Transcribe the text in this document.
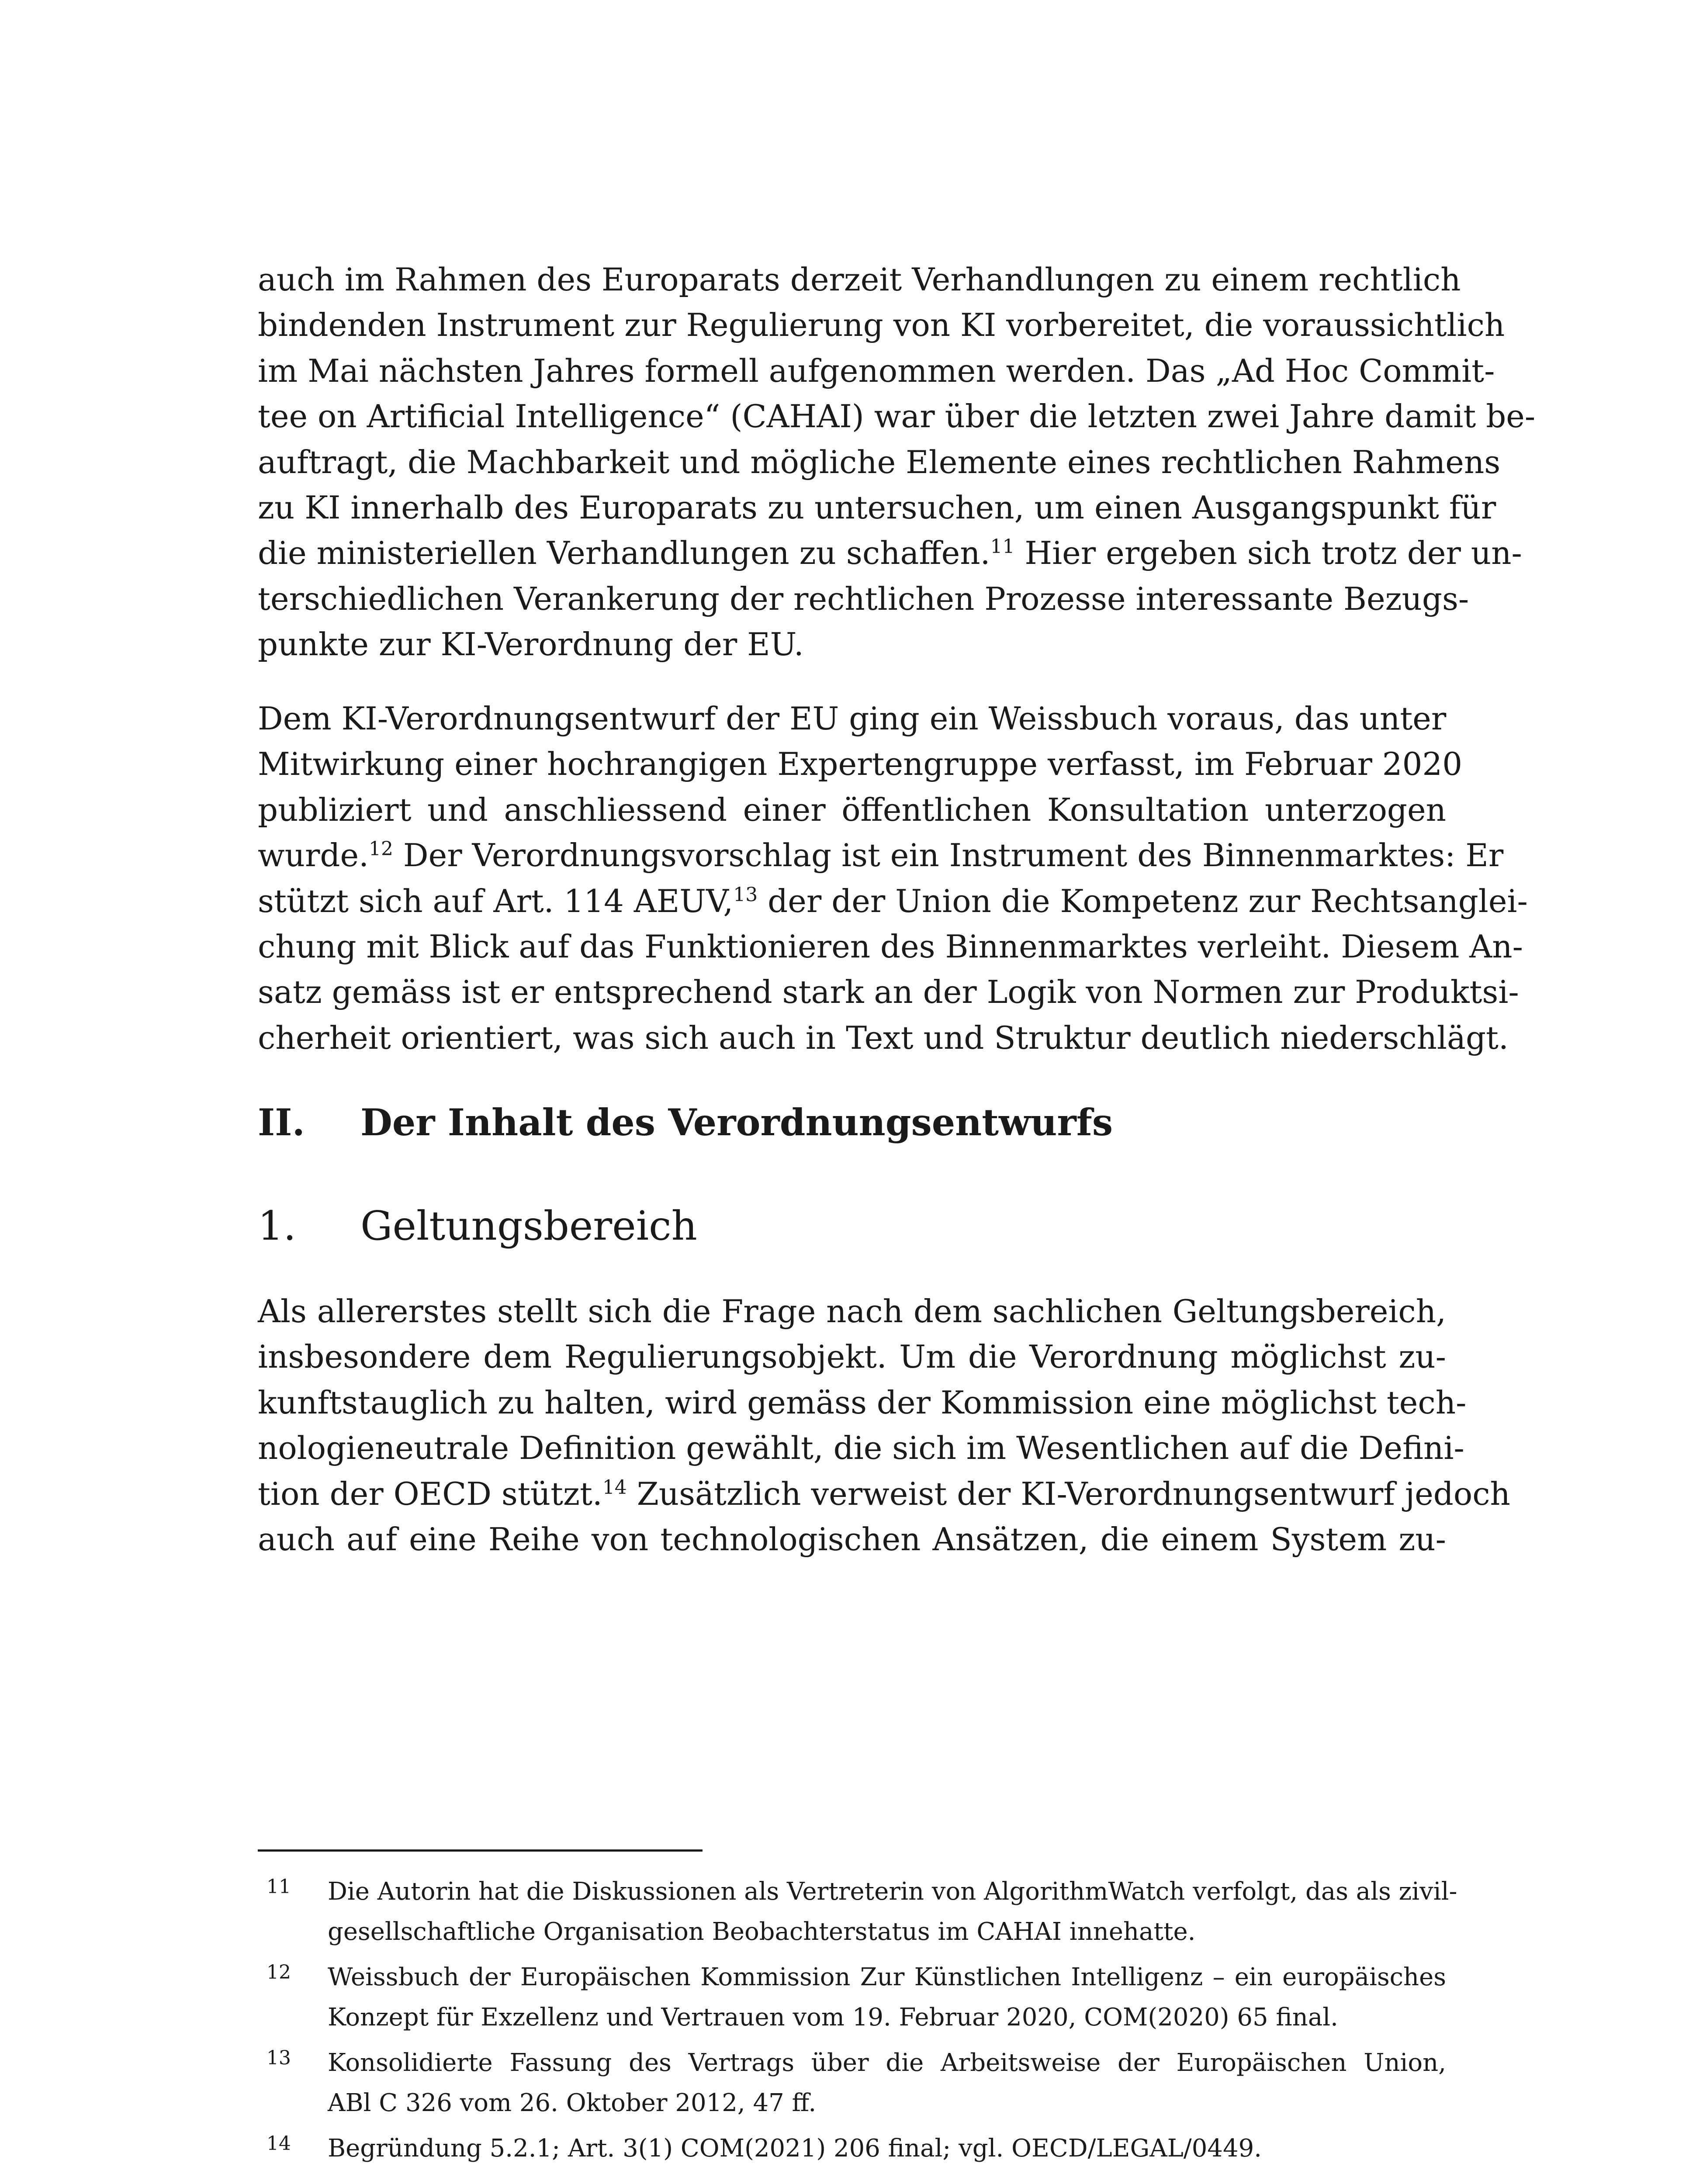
auch im Rahmen des Europarats derzeit Verhandlungen zu einem rechtlich
bindenden Instrument zur Regulierung von KI vorbereitet, die voraussichtlich
im Mai nächsten Jahres formell aufgenommen werden. Das „Ad Hoc Commit-
tee on Artificial Intelligence“ (CAHAI) war über die letzten zwei Jahre damit be-
auftragt, die Machbarkeit und mögliche Elemente eines rechtlichen Rahmens
zu KI innerhalb des Europarats zu untersuchen, um einen Ausgangspunkt für
die ministeriellen Verhandlungen zu schaffen.$^{11}$ Hier ergeben sich trotz der un-
terschiedlichen Verankerung der rechtlichen Prozesse interessante Bezugs-
punkte zur KI-Verordnung der EU.
Dem KI-Verordnungsentwurf der EU ging ein Weissbuch voraus, das unter
Mitwirkung einer hochrangigen Expertengruppe verfasst, im Februar 2020
publiziert und anschliessend einer öffentlichen Konsultation unterzogen
wurde.$^{12}$ Der Verordnungsvorschlag ist ein Instrument des Binnenmarktes: Er
stützt sich auf Art. 114 AEUV,$^{13}$ der der Union die Kompetenz zur Rechtsanglei-
chung mit Blick auf das Funktionieren des Binnenmarktes verleiht. Diesem An-
satz gemäss ist er entsprechend stark an der Logik von Normen zur Produktsi-
cherheit orientiert, was sich auch in Text und Struktur deutlich niederschlägt.
II. Der Inhalt des Verordnungsentwurfs
1. Geltungsbereich
Als allererstes stellt sich die Frage nach dem sachlichen Geltungsbereich,
insbesondere dem Regulierungsobjekt. Um die Verordnung möglichst zu-
kunftstauglich zu halten, wird gemäss der Kommission eine möglichst tech-
nologieneutrale Definition gewählt, die sich im Wesentlichen auf die Defini-
tion der OECD stützt.$^{14}$ Zusätzlich verweist der KI-Verordnungsentwurf jedoch
auch auf eine Reihe von technologischen Ansätzen, die einem System zu-
11 Die Autorin hat die Diskussionen als Vertreterin von AlgorithmWatch verfolgt, das als zivil-
gesellschaftliche Organisation Beobachterstatus im CAHAI innehatte.
12 Weissbuch der Europäischen Kommission Zur Künstlichen Intelligenz – ein europäisches
Konzept für Exzellenz und Vertrauen vom 19. Februar 2020, COM(2020) 65 final.
13 Konsolidierte Fassung des Vertrags über die Arbeitsweise der Europäischen Union,
ABl C 326 vom 26. Oktober 2012, 47 ff.
14 Begründung 5.2.1; Art. 3(1) COM(2021) 206 final; vgl. OECD/LEGAL/0449.
